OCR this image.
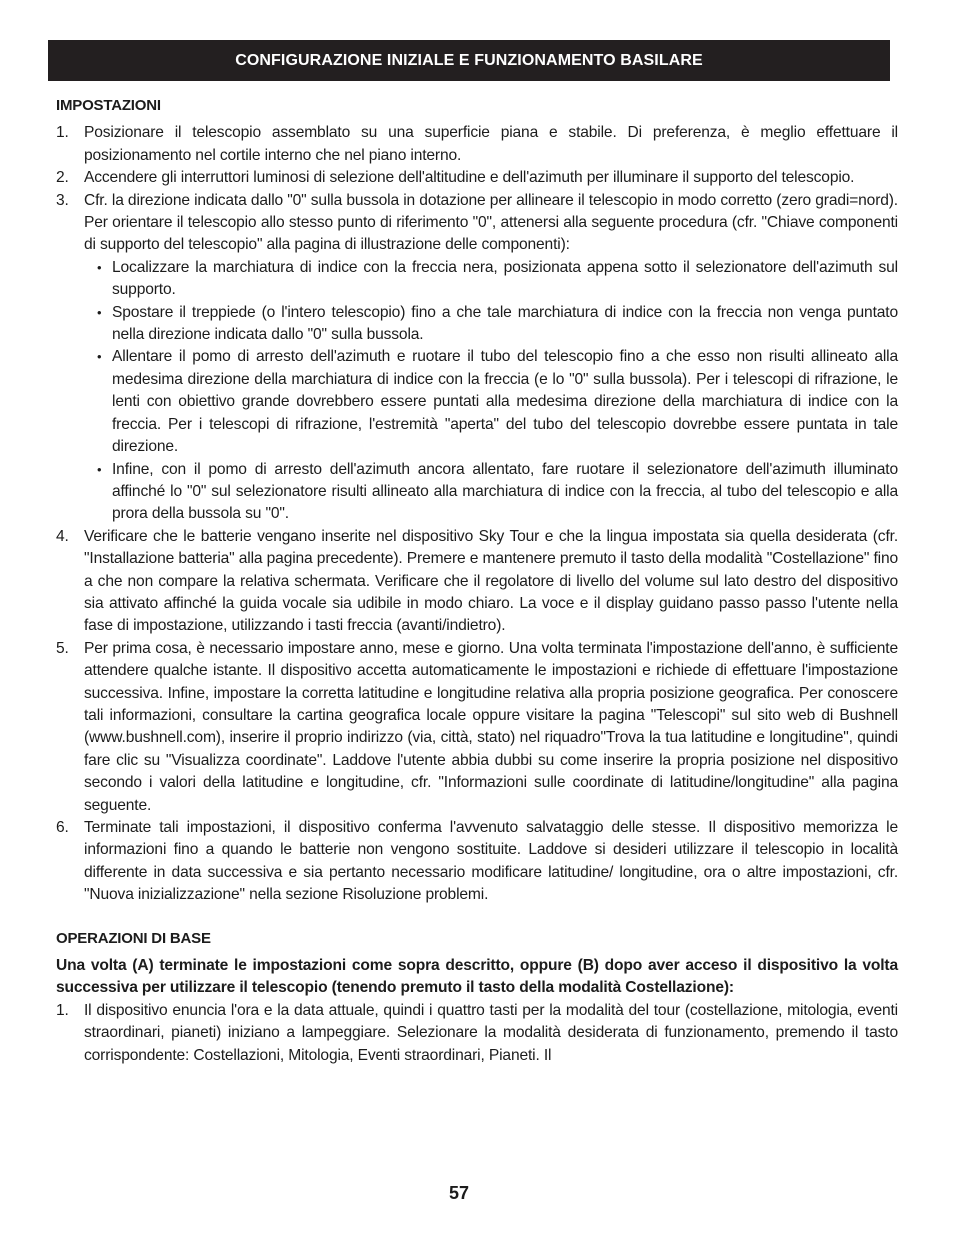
CONFIGURAZIONE INIZIALE E FUNZIONAMENTO BASILARE
IMPOSTAZIONI
1. Posizionare il telescopio assemblato su una superficie piana e stabile. Di preferenza, è meglio effettuare il posizionamento nel cortile interno che nel piano interno.
2. Accendere gli interruttori luminosi di selezione dell'altitudine e dell'azimuth per illuminare il supporto del telescopio.
3. Cfr. la direzione indicata dallo "0" sulla bussola in dotazione per allineare il telescopio in modo corretto (zero gradi=nord). Per orientare il telescopio allo stesso punto di riferimento "0", attenersi alla seguente procedura (cfr. "Chiave componenti di supporto del telescopio" alla pagina di illustrazione delle componenti):
• Localizzare la marchiatura di indice con la freccia nera, posizionata appena sotto il selezionatore dell'azimuth sul supporto.
• Spostare il treppiede (o l'intero telescopio) fino a che tale marchiatura di indice con la freccia non venga puntato nella direzione indicata dallo "0" sulla bussola.
• Allentare il pomo di arresto dell'azimuth e ruotare il tubo del telescopio fino a che esso non risulti allineato alla medesima direzione della marchiatura di indice con la freccia (e lo "0" sulla bussola). Per i telescopi di rifrazione, le lenti con obiettivo grande dovrebbero essere puntati alla medesima direzione della marchiatura di indice con la freccia. Per i telescopi di rifrazione, l'estremità "aperta" del tubo del telescopio dovrebbe essere puntata in tale direzione.
• Infine, con il pomo di arresto dell'azimuth ancora allentato, fare ruotare il selezionatore dell'azimuth illuminato affinché lo "0" sul selezionatore risulti allineato alla marchiatura di indice con la freccia, al tubo del telescopio e alla prora della bussola su "0".
4. Verificare che le batterie vengano inserite nel dispositivo Sky Tour e che la lingua impostata sia quella desiderata (cfr. "Installazione batteria" alla pagina precedente). Premere e mantenere premuto il tasto della modalità "Costellazione" fino a che non compare la relativa schermata. Verificare che il regolatore di livello del volume sul lato destro del dispositivo sia attivato affinché la guida vocale sia udibile in modo chiaro. La voce e il display guidano passo passo l'utente nella fase di impostazione, utilizzando i tasti freccia (avanti/indietro).
5. Per prima cosa, è necessario impostare anno, mese e giorno. Una volta terminata l'impostazione dell'anno, è sufficiente attendere qualche istante. Il dispositivo accetta automaticamente le impostazioni e richiede di effettuare l'impostazione successiva. Infine, impostare la corretta latitudine e longitudine relativa alla propria posizione geografica. Per conoscere tali informazioni, consultare la cartina geografica locale oppure visitare la pagina "Telescopi" sul sito web di Bushnell (www.bushnell.com), inserire il proprio indirizzo (via, città, stato) nel riquadro"Trova la tua latitudine e longitudine", quindi fare clic su "Visualizza coordinate". Laddove l'utente abbia dubbi su come inserire la propria posizione nel dispositivo secondo i valori della latitudine e longitudine, cfr. "Informazioni sulle coordinate di latitudine/longitudine" alla pagina seguente.
6. Terminate tali impostazioni, il dispositivo conferma l'avvenuto salvataggio delle stesse. Il dispositivo memorizza le informazioni fino a quando le batterie non vengono sostituite. Laddove si desideri utilizzare il telescopio in località differente in data successiva e sia pertanto necessario modificare latitudine/ longitudine, ora o altre impostazioni, cfr. "Nuova inizializzazione" nella sezione Risoluzione problemi.
OPERAZIONI DI BASE
Una volta (A) terminate le impostazioni come sopra descritto, oppure (B) dopo aver acceso il dispositivo la volta successiva per utilizzare il telescopio (tenendo premuto il tasto della modalità Costellazione):
1. Il dispositivo enuncia l'ora e la data attuale, quindi i quattro tasti per la modalità del tour (costellazione, mitologia, eventi straordinari, pianeti) iniziano a lampeggiare. Selezionare la modalità desiderata di funzionamento, premendo il tasto corrispondente: Costellazioni, Mitologia, Eventi straordinari, Pianeti. Il
57
